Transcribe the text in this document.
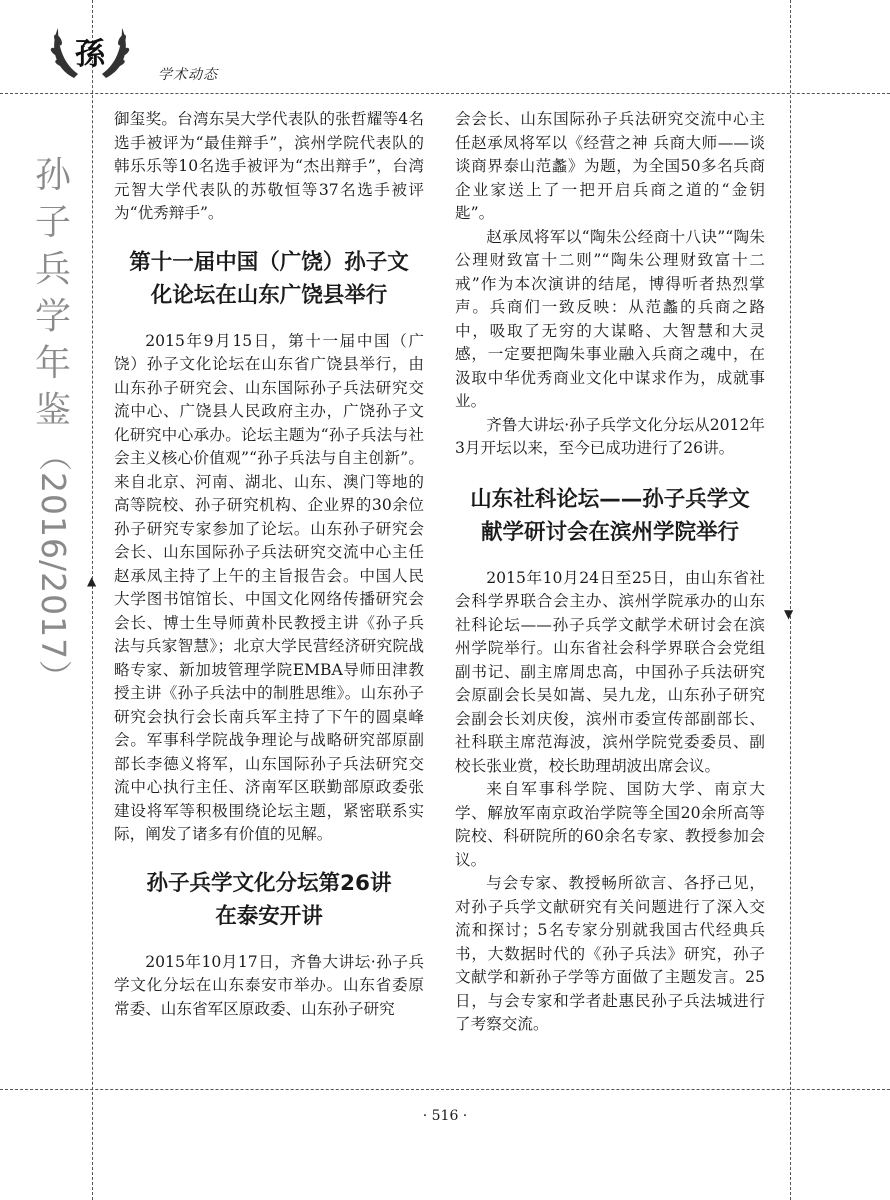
孫
学术动态
孙
子
兵
学
年
鉴
（2016/2017）	▲
▼

御玺奖。台湾东吴大学代表队的张哲耀等4名选手被评为“最佳辩手”，滨州学院代表队的韩乐乐等10名选手被评为“杰出辩手”，台湾元智大学代表队的苏敬恒等37名选手被评为“优秀辩手”。

第十一届中国（广饶）孙子文
化论坛在山东广饶县举行

2015年9月15日，第十一届中国（广饶）孙子文化论坛在山东省广饶县举行，由山东孙子研究会、山东国际孙子兵法研究交流中心、广饶县人民政府主办，广饶孙子文化研究中心承办。论坛主题为“孙子兵法与社会主义核心价值观”“孙子兵法与自主创新”。来自北京、河南、湖北、山东、澳门等地的高等院校、孙子研究机构、企业界的30余位孙子研究专家参加了论坛。山东孙子研究会会长、山东国际孙子兵法研究交流中心主任赵承凤主持了上午的主旨报告会。中国人民大学图书馆馆长、中国文化网络传播研究会会长、博士生导师黄朴民教授主讲《孙子兵法与兵家智慧》；北京大学民营经济研究院战略专家、新加坡管理学院EMBA导师田津教授主讲《孙子兵法中的制胜思维》。山东孙子研究会执行会长南兵军主持了下午的圆桌峰会。军事科学院战争理论与战略研究部原副部长李德义将军，山东国际孙子兵法研究交流中心执行主任、济南军区联勤部原政委张建设将军等积极围绕论坛主题，紧密联系实际，阐发了诸多有价值的见解。

孙子兵学文化分坛第26讲
在泰安开讲

2015年10月17日，齐鲁大讲坛·孙子兵学文化分坛在山东泰安市举办。山东省委原常委、山东省军区原政委、山东孙子研究

会会长、山东国际孙子兵法研究交流中心主任赵承凤将军以《经营之神 兵商大师——谈谈商界泰山范蠡》为题，为全国50多名兵商企业家送上了一把开启兵商之道的“金钥匙”。

赵承凤将军以“陶朱公经商十八诀”“陶朱公理财致富十二则”“陶朱公理财致富十二戒”作为本次演讲的结尾，博得听者热烈掌声。兵商们一致反映：从范蠡的兵商之路中，吸取了无穷的大谋略、大智慧和大灵感，一定要把陶朱事业融入兵商之魂中，在汲取中华优秀商业文化中谋求作为，成就事业。

齐鲁大讲坛·孙子兵学文化分坛从2012年3月开坛以来，至今已成功进行了26讲。

山东社科论坛——孙子兵学文
献学研讨会在滨州学院举行

2015年10月24日至25日，由山东省社会科学界联合会主办、滨州学院承办的山东社科论坛——孙子兵学文献学术研讨会在滨州学院举行。山东省社会科学界联合会党组副书记、副主席周忠高，中国孙子兵法研究会原副会长吴如嵩、吴九龙，山东孙子研究会副会长刘庆俊，滨州市委宣传部副部长、社科联主席范海波，滨州学院党委委员、副校长张业赏，校长助理胡波出席会议。

来自军事科学院、国防大学、南京大学、解放军南京政治学院等全国20余所高等院校、科研院所的60余名专家、教授参加会议。

与会专家、教授畅所欲言、各抒己见，对孙子兵学文献研究有关问题进行了深入交流和探讨；5名专家分别就我国古代经典兵书，大数据时代的《孙子兵法》研究，孙子文献学和新孙子学等方面做了主题发言。25日，与会专家和学者赴惠民孙子兵法城进行了考察交流。

· 516 ·
